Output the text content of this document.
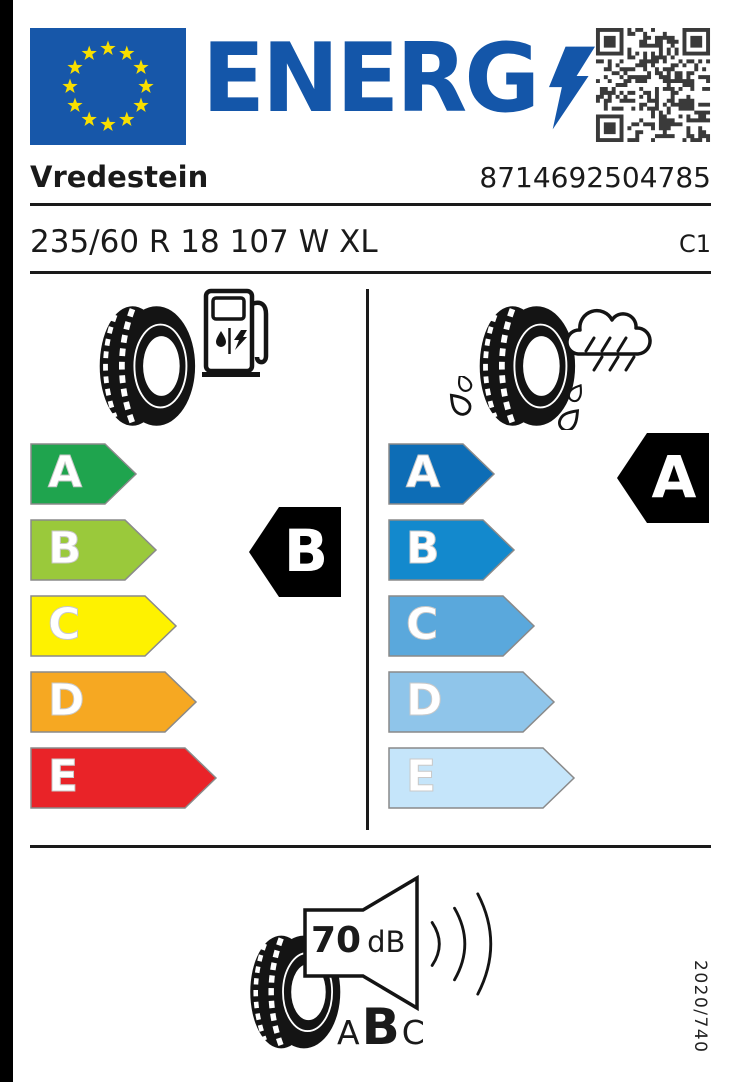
ENERG
Vredestein	8714692504785
235/60 R 18 107 W XL	C1
A
B
C
D
E
B
A
B
C
D
E
A
70 dB
A B C	2020/740
